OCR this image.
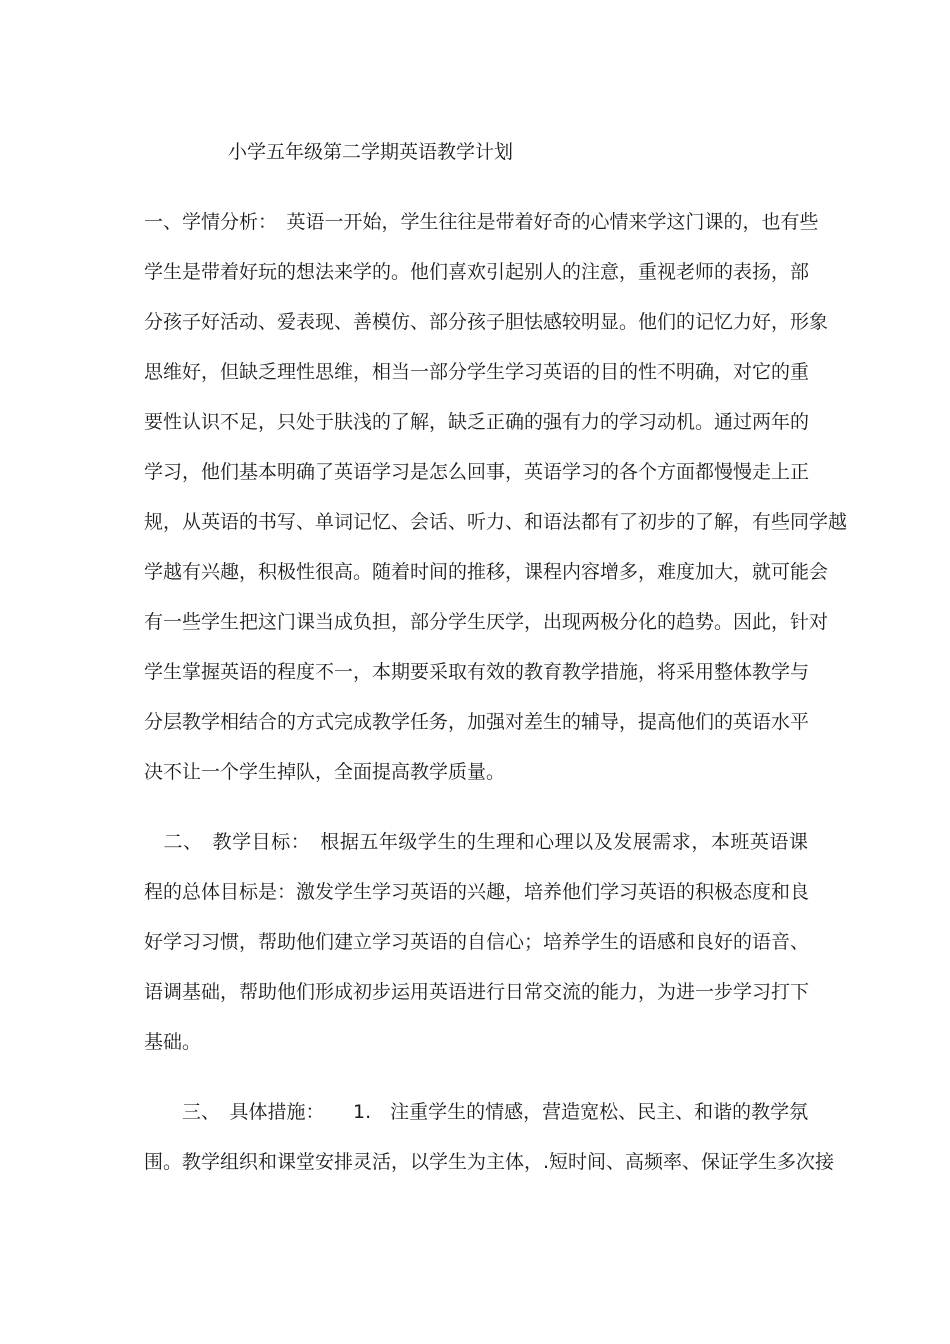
小学五年级第二学期英语教学计划
一、学情分析：　英语一开始，学生往往是带着好奇的心情来学这门课的，也有些
学生是带着好玩的想法来学的。他们喜欢引起别人的注意，重视老师的表扬，部
分孩子好活动、爱表现、善模仿、部分孩子胆怯感较明显。他们的记忆力好，形象
思维好，但缺乏理性思维，相当一部分学生学习英语的目的性不明确，对它的重
要性认识不足，只处于肤浅的了解，缺乏正确的强有力的学习动机。通过两年的
学习，他们基本明确了英语学习是怎么回事，英语学习的各个方面都慢慢走上正
规，从英语的书写、单词记忆、会话、听力、和语法都有了初步的了解，有些同学越
学越有兴趣，积极性很高。随着时间的推移，课程内容增多，难度加大，就可能会
有一些学生把这门课当成负担，部分学生厌学，出现两极分化的趋势。因此，针对
学生掌握英语的程度不一，本期要采取有效的教育教学措施，将采用整体教学与
分层教学相结合的方式完成教学任务，加强对差生的辅导，提高他们的英语水平
决不让一个学生掉队，全面提高教学质量。
　二、　教学目标：　根据五年级学生的生理和心理以及发展需求，本班英语课
程的总体目标是：激发学生学习英语的兴趣，培养他们学习英语的积极态度和良
好学习习惯，帮助他们建立学习英语的自信心；培养学生的语感和良好的语音、
语调基础，帮助他们形成初步运用英语进行日常交流的能力，为进一步学习打下
基础。
　　三、　具体措施：　　1.　注重学生的情感，营造宽松、民主、和谐的教学氛
围。教学组织和课堂安排灵活，以学生为主体，.短时间、高频率、保证学生多次接
